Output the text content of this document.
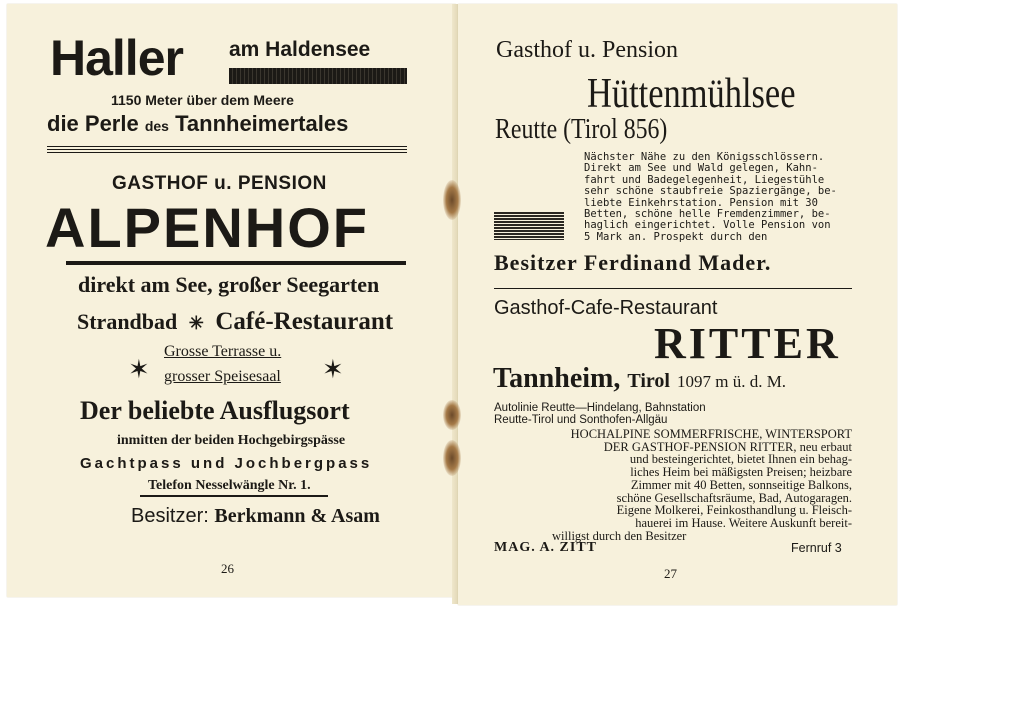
Haller am Haldensee
1150 Meter über dem Meere
die Perle des Tannheimertales
GASTHOF u. PENSION
ALPENHOF
direkt am See, großer Seegarten
Strandbad ✳ Café-Restaurant
✶	✶
Grosse Terrasse u.
grosser Speisesaal
Der beliebte Ausflugsort
inmitten der beiden Hochgebirgspässe
Gachtpass und Jochbergpass
Telefon Nesselwängle Nr. 1.
Besitzer: Berkmann & Asam
26
Gasthof u. Pension
Hüttenmühlsee
Reutte (Tirol 856)

Nächster Nähe zu den Königsschlössern.

Direkt am See und Wald gelegen, Kahn-

fahrt und Badegelegenheit, Liegestühle

sehr schöne staubfreie Spaziergänge, be-

liebte Einkehrstation. Pension mit 30

Betten, schöne helle Fremdenzimmer, be-

haglich eingerichtet. Volle Pension von

5 Mark an. Prospekt durch den

Besitzer Ferdinand Mader.
Gasthof-Cafe-Restaurant
RITTER
Tannheim, Tirol 1097 m ü. d. M.
Autolinie Reutte—Hindelang, Bahnstation
Reutte-Tirol und Sonthofen-Allgäu

HOCHALPINE SOMMERFRISCHE, WINTERSPORT

DER GASTHOF-PENSION RITTER, neu erbaut

und besteingerichtet, bietet Ihnen ein behag-

liches Heim bei mäßigsten Preisen; heizbare

Zimmer mit 40 Betten, sonnseitige Balkons,

schöne Gesellschaftsräume, Bad, Autogaragen.

Eigene Molkerei, Feinkosthandlung u. Fleisch-

hauerei im Hause. Weitere Auskunft bereit-

willigst durch den Besitzer

MAG. A. ZITT	Fernruf 3
27
